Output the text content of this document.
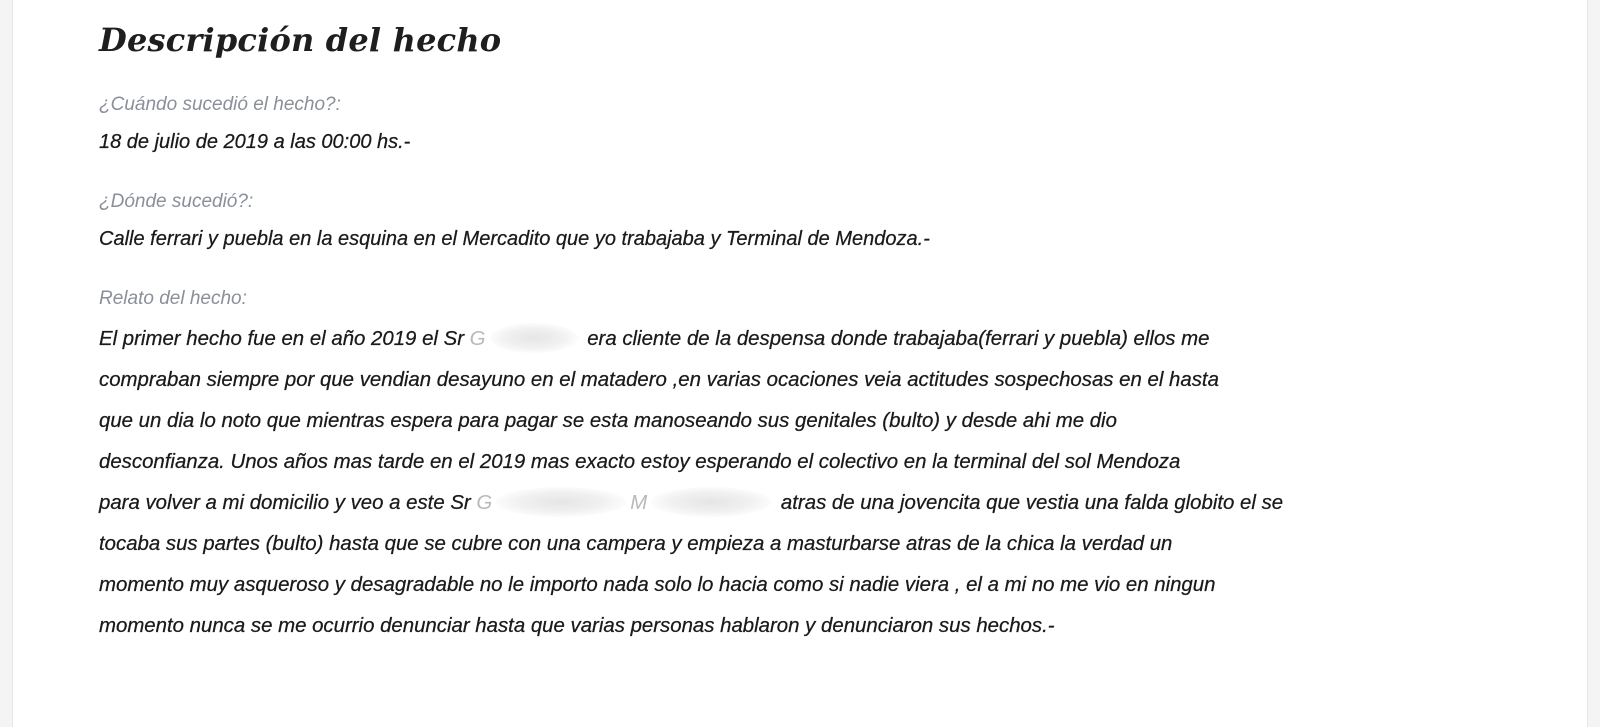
Descripción del hecho
¿Cuándo sucedió el hecho?:
18 de julio de 2019 a las 00:00 hs.-
¿Dónde sucedió?:
Calle ferrari y puebla en la esquina en el Mercadito que yo trabajaba y Terminal de Mendoza.-
Relato del hecho:
El primer hecho fue en el año 2019 el Sr G	era cliente de la despensa donde trabajaba(ferrari y puebla) ellos me
compraban siempre por que vendian desayuno en el matadero ,en varias ocaciones veia actitudes sospechosas en el hasta
que un dia lo noto que mientras espera para pagar se esta manoseando sus genitales (bulto) y desde ahi me dio
desconfianza. Unos años mas tarde en el 2019 mas exacto estoy esperando el colectivo en la terminal del sol Mendoza
para volver a mi domicilio y veo a este Sr G	M	atras de una jovencita que vestia una falda globito el se
tocaba sus partes (bulto) hasta que se cubre con una campera y empieza a masturbarse atras de la chica la verdad un
momento muy asqueroso y desagradable no le importo nada solo lo hacia como si nadie viera , el a mi no me vio en ningun
momento nunca se me ocurrio denunciar hasta que varias personas hablaron y denunciaron sus hechos.-
